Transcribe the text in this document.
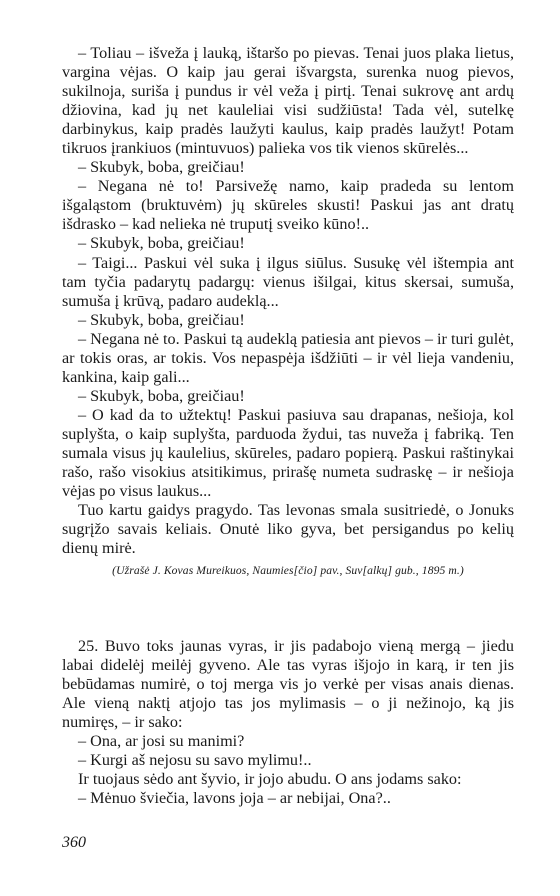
– Toliau – išveža į lauką, ištaršo po pievas. Tenai juos plaka lietus, vargina vėjas. O kaip jau gerai išvargsta, surenka nuog pievos, sukilnoja, suriša į pundus ir vėl veža į pirtį. Tenai sukrovę ant ardų džiovina, kad jų net kauleliai visi sudžiūsta! Tada vėl, sutelkę darbinykus, kaip pradės laužyti kaulus, kaip pradės laužyt! Potam tikruos įrankiuos (mintuvuos) palieka vos tik vienos skūrelės...

– Skubyk, boba, greičiau!

– Negana nė to! Parsivežę namo, kaip pradeda su lentom išgaląstom (bruktuvėm) jų skūreles skusti! Paskui jas ant dratų išdrasko – kad nelieka nė truputį sveiko kūno!..

– Skubyk, boba, greičiau!

– Taigi... Paskui vėl suka į ilgus siūlus. Susukę vėl ištempia ant tam tyčia padarytų padargų: vienus išilgai, kitus skersai, sumuša, sumuša į krūvą, padaro audeklą...

– Skubyk, boba, greičiau!

– Negana nė to. Paskui tą audeklą patiesia ant pievos – ir turi gulėt, ar tokis oras, ar tokis. Vos nepaspėja išdžiūti – ir vėl lieja vandeniu, kankina, kaip gali...

– Skubyk, boba, greičiau!

– O kad da to užtektų! Paskui pasiuva sau drapanas, nešioja, kol suplyšta, o kaip suplyšta, parduoda žydui, tas nuveža į fabriką. Ten sumala visus jų kaulelius, skūreles, padaro popierą. Paskui raštinykai rašo, rašo visokius atsitikimus, prirašę numeta sudraskę – ir nešioja vėjas po visus laukus...

Tuo kartu gaidys pragydo. Tas levonas smala susitriedė, o Jonuks sugrįžo savais keliais. Onutė liko gyva, bet persigandus po kelių dienų mirė.

(Užrašė J. Kovas Mureikuos, Naumies[čio] pav., Suv[alkų] gub., 1895 m.)

25. Buvo toks jaunas vyras, ir jis padabojo vieną mergą – jiedu labai didelėj meilėj gyveno. Ale tas vyras išjojo in karą, ir ten jis bebūdamas numirė, o toj merga vis jo verkė per visas anais dienas. Ale vieną naktį atjojo tas jos mylimasis – o ji nežinojo, ką jis numiręs, – ir sako:

– Ona, ar josi su manimi?

– Kurgi aš nejosu su savo mylimu!..

Ir tuojaus sėdo ant šyvio, ir jojo abudu. O ans jodams sako:

– Mėnuo šviečia, lavons joja – ar nebijai, Ona?..

360
